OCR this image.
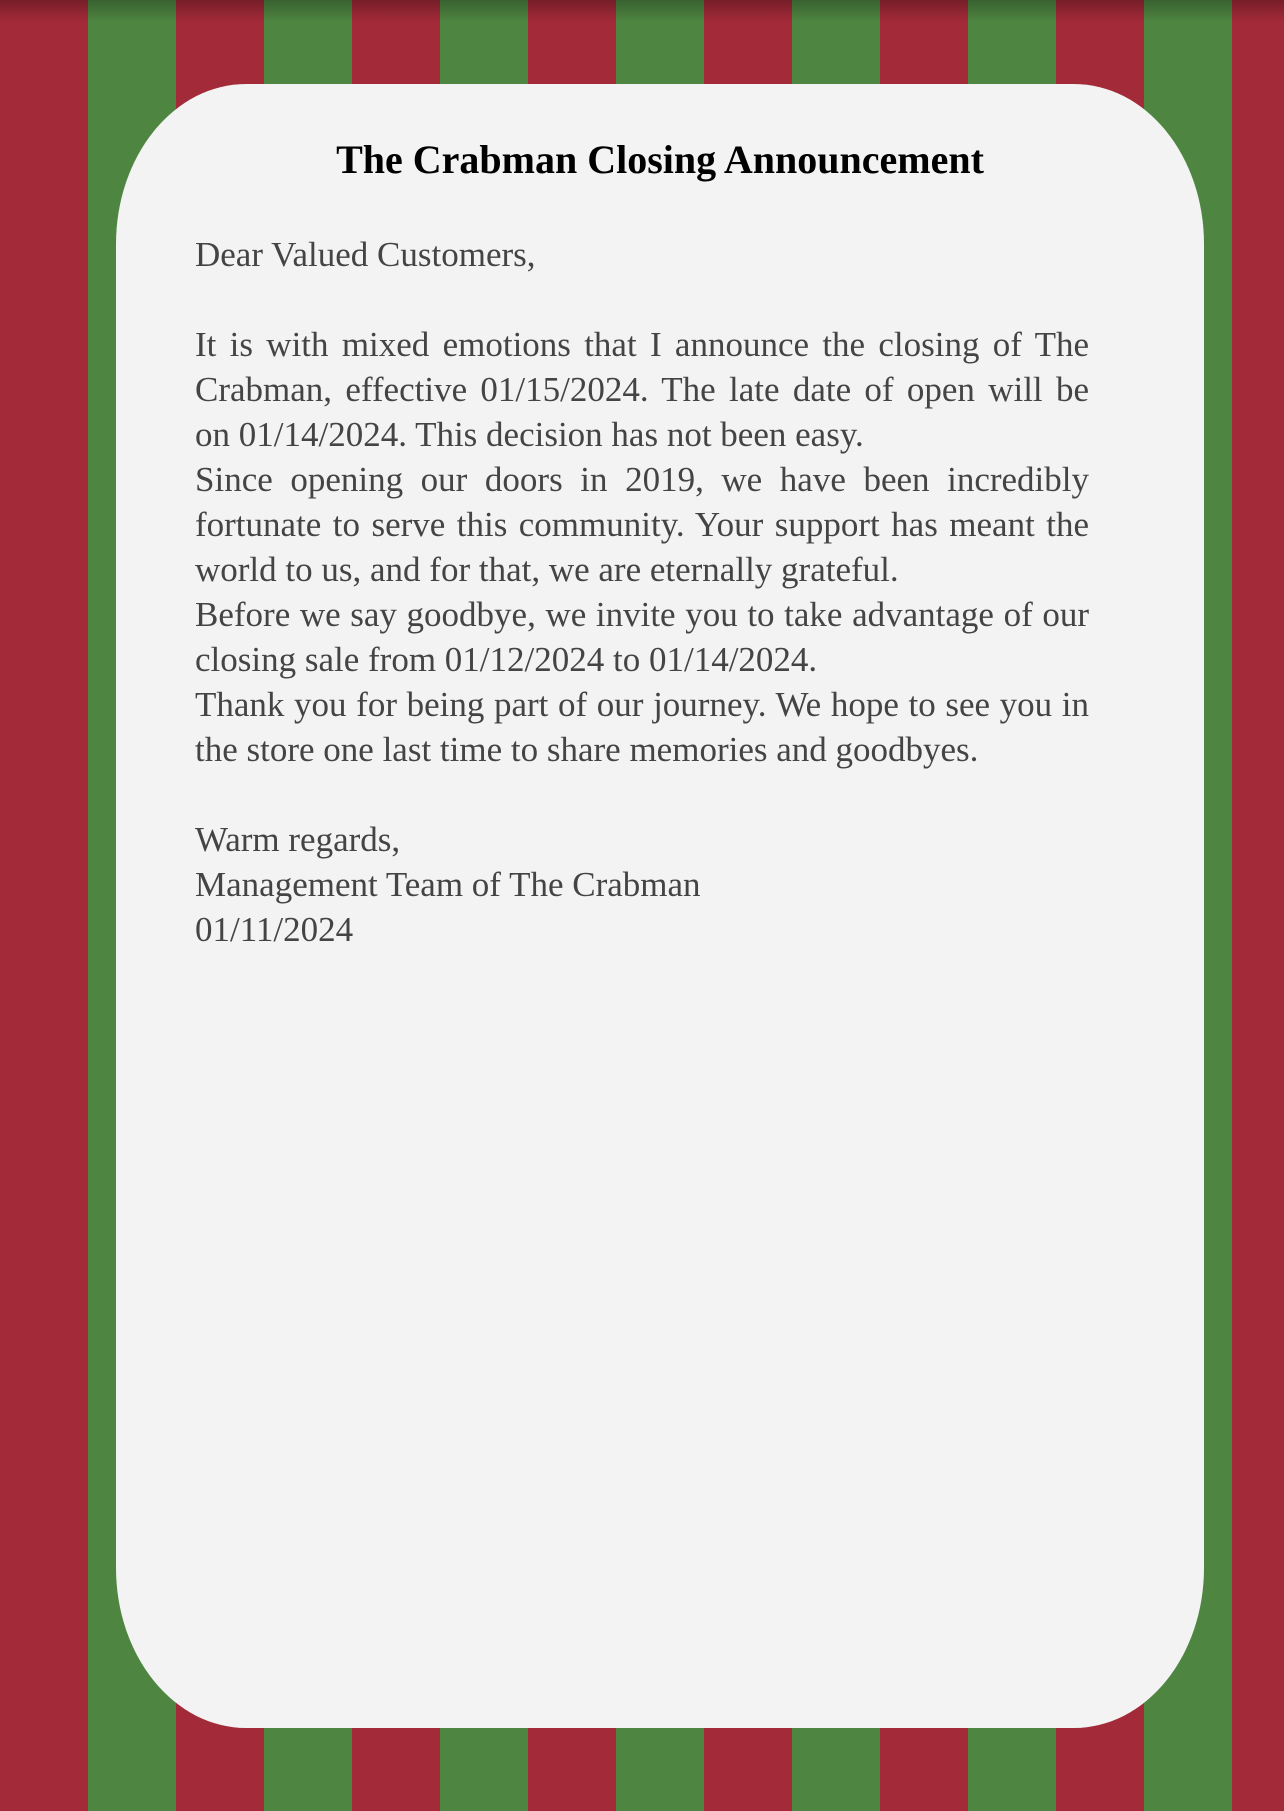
The Crabman Closing Announcement

Dear Valued Customers,

It is with mixed emotions that I announce the closing of The Crabman, effective 01/15/2024. The late date of open will be on 01/14/2024. This decision has not been easy.

Since opening our doors in 2019, we have been incredibly fortunate to serve this community. Your support has meant the world to us, and for that, we are eternally grateful.

Before we say goodbye, we invite you to take advantage of our closing sale from 01/12/2024 to 01/14/2024.

Thank you for being part of our journey. We hope to see you in the store one last time to share memories and goodbyes.

Warm regards,

Management Team of The Crabman

01/11/2024
